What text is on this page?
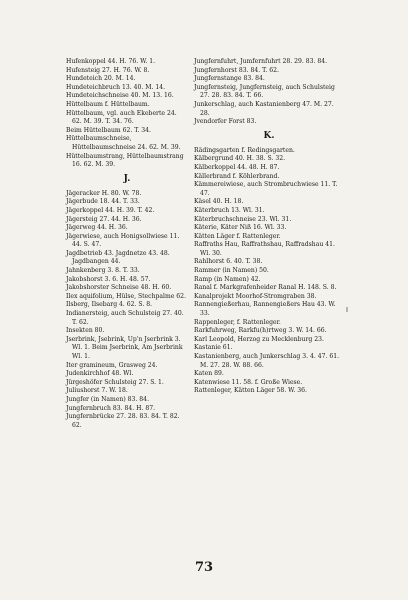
Hufenkoppel 44. H. 76. W. 1.
Hufensteig 27. H. 76. W. 8.
Hundeteich 20. M. 14.
Hundeteichbruch 13. 40. M. 14.
Hundeteichschneise 40. M. 13. 16.
Hüttelbaum f. Hüttelbaum.
Hüttelbaum, vgl. auch Ekeberte 24. 62. M. 39. T. 34. 76.
Beim Hüttelbaum 62. T. 34.
Hüttelbaumschneise, Hüttelbaumschneise 24. 62. M. 39.
Hüttelbaumstrang, Hüttelbaumstrang 16. 62. M. 39.
J.
Jägeracker H. 80. W. 78.
Jägerbude 18. 44. T. 33.
Jägerkoppel 44. H. 39. T. 42.
Jägersteig 27. 44. H. 36.
Jägerweg 44. H. 36.
Jägerwiese, auch Honigsollwiese 11. 44. S. 47.
Jagdbetrieb 43. Jagdnetze 43. 48. Jagdbangen 44.
Jahnkenberg 3. 8. T. 33.
Jakobshorst 3. 6. H. 48. 57.
Jakobshorster Schneise 48. H. 60.
Ilex aquifolium, Hülse, Stechpalme 62.
Ilsberg, Ilsebarg 4. 62. S. 8.
Indianersteig, auch Schulsteig 27. 40. T. 62.
Insekten 80.
Jserbrink, Jsebrink, Up'n Jserbrink 3. Wl. 1. Beim Jserbrink, Am Jserbrink Wl. 1.
Iter gramineum, Grasweg 24.
Judenkirchhof 48. Wl.
Jürgeshöfer Schulsteig 27. S. 1.
Juliushorst 7. W. 18.
Jungfer (in Namen) 83. 84.
Jungfernbruch 83. 84. H. 87.
Jungfernbrücke 27. 28. 83. 84. T. 82. 62.
Jungfernfuhrt, Jumfernfuhrt 28. 29. 83. 84.
Jungfernhorst 83. 84. T. 62.
Jungfernstange 83. 84.
Jungfernsteig, Jungfernsteig, auch Schulsteig 27. 28. 83. 84. T. 66.
Junkerschlag, auch Kastanienberg 47. M. 27. 28.
Jvendorfer Forst 83.
K.
Rädingsgarten f. Redingsgarten.
Kälbergrund 40. H. 38. S. 32.
Kälberkoppel 44. 48. H. 87.
Källerbrand f. Köhlerbrand.
Kämmereiwiese, auch Strombruchwiese 11. T. 47.
Käsel 40. H. 18.
Käterbruch 13. Wl. 31.
Käterbruchschneise 23. Wl. 31.
Käterie, Käter Niß 16. Wl. 33.
Kätten Läger f. Rattenleger.
Raffraths Hau, Raffrathshau, Raffradshau 41. Wl. 30.
Rahlhorst 6. 40. T. 38.
Rammer (in Namen) 50.
Ramp (in Namen) 42.
Ranal f. Markgrafenheider Ranal H. 148. S. 8.
Kanalprojekt Moorhof-Stromgraben 38.
Rannengießerhau, Rannengießers Hau 43. W. 33.
Rappenleger, f. Rattenleger.
Rarkfuhrweg, Rarkfu(h)rtweg 3. W. 14. 66.
Karl Leopold, Herzog zu Mecklenburg 23.
Kastanie 61.
Kastanienberg, auch Junkerschlag 3. 4. 47. 61. M. 27. 28. W. 88. 66.
Katen 89.
Katenwiese 11. 58. f. Große Wiese.
Rattenleger, Kätten Läger 58. W. 36.
73
